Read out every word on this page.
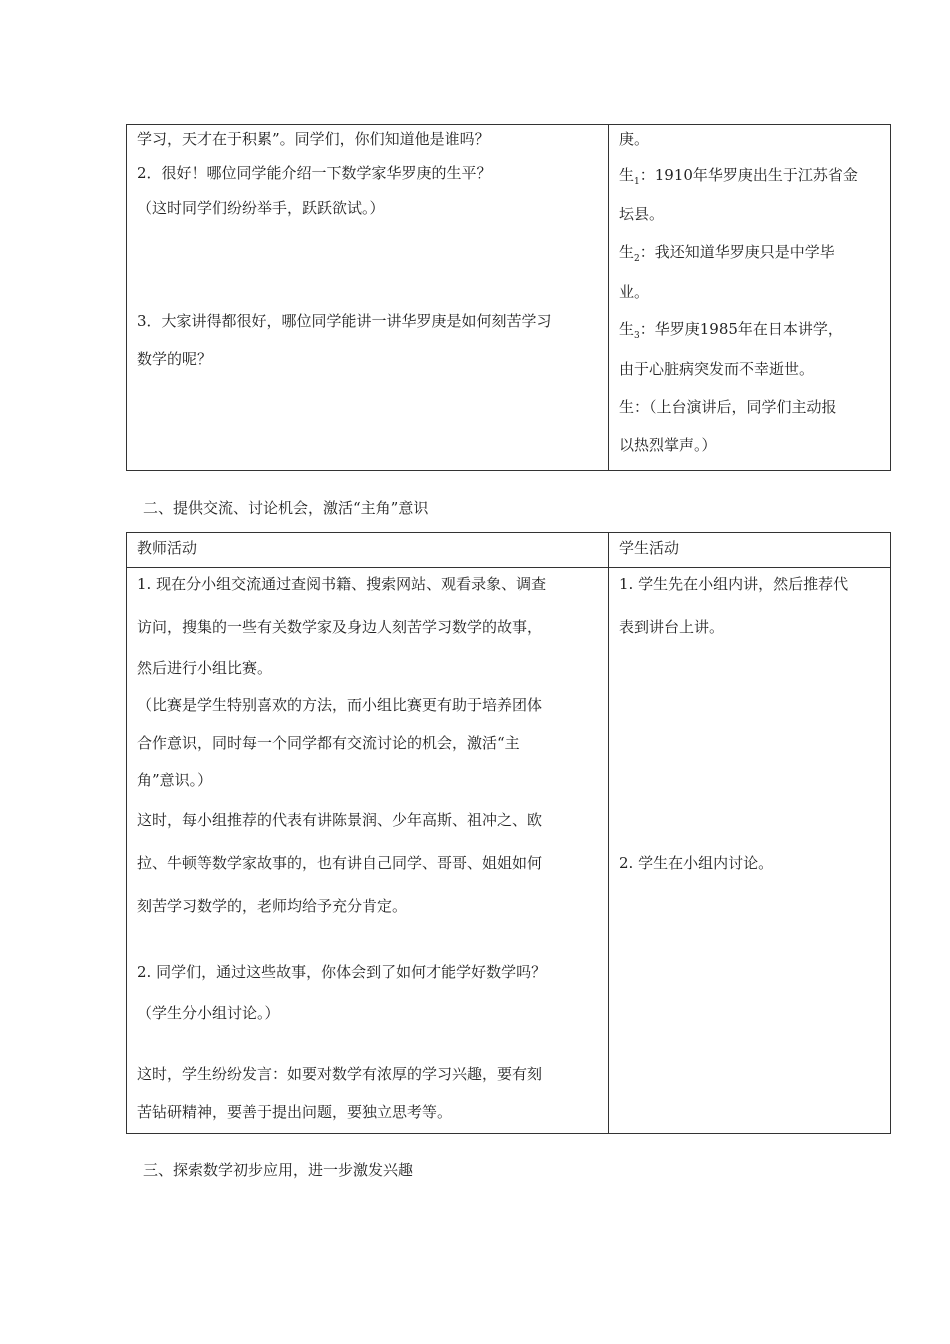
学习，天才在于积累”。同学们，你们知道他是谁吗？
2．很好！哪位同学能介绍一下数学家华罗庚的生平？
（这时同学们纷纷举手，跃跃欲试。）
3．大家讲得都很好，哪位同学能讲一讲华罗庚是如何刻苦学习
数学的呢？
庚。
生$_1$：1910年华罗庚出生于江苏省金
坛县。
生$_2$：我还知道华罗庚只是中学毕
业。
生$_3$：华罗庚1985年在日本讲学，
由于心脏病突发而不幸逝世。
生：（上台演讲后，同学们主动报
以热烈掌声。）
二、提供交流、讨论机会，激活“主角”意识
教师活动
1. 现在分小组交流通过查阅书籍、搜索网站、观看录象、调查
访问，搜集的一些有关数学家及身边人刻苦学习数学的故事，
然后进行小组比赛。
（比赛是学生特别喜欢的方法，而小组比赛更有助于培养团体
合作意识，同时每一个同学都有交流讨论的机会，激活“主
角”意识。）
这时，每小组推荐的代表有讲陈景润、少年高斯、祖冲之、欧
拉、牛顿等数学家故事的，也有讲自己同学、哥哥、姐姐如何
刻苦学习数学的，老师均给予充分肯定。
2. 同学们，通过这些故事，你体会到了如何才能学好数学吗？
（学生分小组讨论。）
这时，学生纷纷发言：如要对数学有浓厚的学习兴趣，要有刻
苦钻研精神，要善于提出问题，要独立思考等。
学生活动
1. 学生先在小组内讲，然后推荐代
表到讲台上讲。
2. 学生在小组内讨论。
三、探索数学初步应用，进一步激发兴趣
